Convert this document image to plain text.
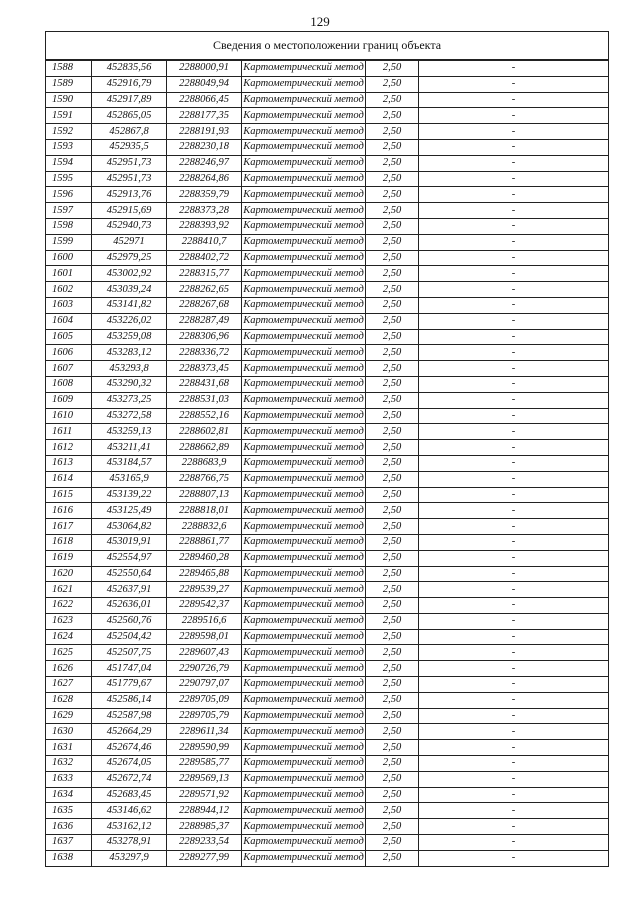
129
Сведения о местоположении границ объекта					
1588	452835,56	2288000,91	Картометрический метод	2,50	-
1589	452916,79	2288049,94	Картометрический метод	2,50	-
1590	452917,89	2288066,45	Картометрический метод	2,50	-
1591	452865,05	2288177,35	Картометрический метод	2,50	-
1592	452867,8	2288191,93	Картометрический метод	2,50	-
1593	452935,5	2288230,18	Картометрический метод	2,50	-
1594	452951,73	2288246,97	Картометрический метод	2,50	-
1595	452951,73	2288264,86	Картометрический метод	2,50	-
1596	452913,76	2288359,79	Картометрический метод	2,50	-
1597	452915,69	2288373,28	Картометрический метод	2,50	-
1598	452940,73	2288393,92	Картометрический метод	2,50	-
1599	452971	2288410,7	Картометрический метод	2,50	-
1600	452979,25	2288402,72	Картометрический метод	2,50	-
1601	453002,92	2288315,77	Картометрический метод	2,50	-
1602	453039,24	2288262,65	Картометрический метод	2,50	-
1603	453141,82	2288267,68	Картометрический метод	2,50	-
1604	453226,02	2288287,49	Картометрический метод	2,50	-
1605	453259,08	2288306,96	Картометрический метод	2,50	-
1606	453283,12	2288336,72	Картометрический метод	2,50	-
1607	453293,8	2288373,45	Картометрический метод	2,50	-
1608	453290,32	2288431,68	Картометрический метод	2,50	-
1609	453273,25	2288531,03	Картометрический метод	2,50	-
1610	453272,58	2288552,16	Картометрический метод	2,50	-
1611	453259,13	2288602,81	Картометрический метод	2,50	-
1612	453211,41	2288662,89	Картометрический метод	2,50	-
1613	453184,57	2288683,9	Картометрический метод	2,50	-
1614	453165,9	2288766,75	Картометрический метод	2,50	-
1615	453139,22	2288807,13	Картометрический метод	2,50	-
1616	453125,49	2288818,01	Картометрический метод	2,50	-
1617	453064,82	2288832,6	Картометрический метод	2,50	-
1618	453019,91	2288861,77	Картометрический метод	2,50	-
1619	452554,97	2289460,28	Картометрический метод	2,50	-
1620	452550,64	2289465,88	Картометрический метод	2,50	-
1621	452637,91	2289539,27	Картометрический метод	2,50	-
1622	452636,01	2289542,37	Картометрический метод	2,50	-
1623	452560,76	2289516,6	Картометрический метод	2,50	-
1624	452504,42	2289598,01	Картометрический метод	2,50	-
1625	452507,75	2289607,43	Картометрический метод	2,50	-
1626	451747,04	2290726,79	Картометрический метод	2,50	-
1627	451779,67	2290797,07	Картометрический метод	2,50	-
1628	452586,14	2289705,09	Картометрический метод	2,50	-
1629	452587,98	2289705,79	Картометрический метод	2,50	-
1630	452664,29	2289611,34	Картометрический метод	2,50	-
1631	452674,46	2289590,99	Картометрический метод	2,50	-
1632	452674,05	2289585,77	Картометрический метод	2,50	-
1633	452672,74	2289569,13	Картометрический метод	2,50	-
1634	452683,45	2289571,92	Картометрический метод	2,50	-
1635	453146,62	2288944,12	Картометрический метод	2,50	-
1636	453162,12	2288985,37	Картометрический метод	2,50	-
1637	453278,91	2289233,54	Картометрический метод	2,50	-
1638	453297,9	2289277,99	Картометрический метод	2,50	-
